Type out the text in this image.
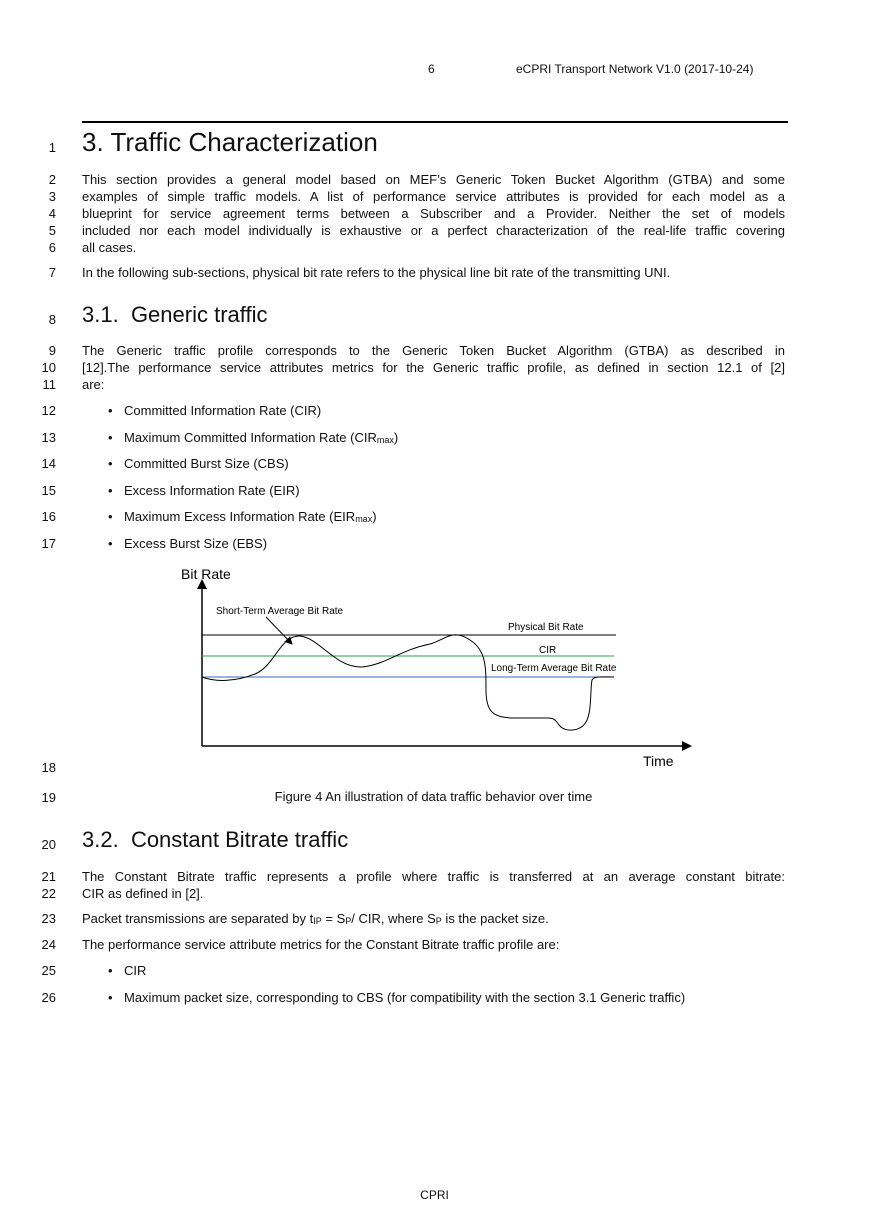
6	eCPRI Transport Network V1.0 (2017-10-24)
1
2
3
4
5
6
7
8
9
10
11
12
13
14
15
16
17
18
19
20
21
22
23
24
25
26
3. Traffic Characterization
This section provides a general model based on MEF’s Generic Token Bucket Algorithm (GTBA) and some
examples of simple traffic models. A list of performance service attributes is provided for each model as a
blueprint for service agreement terms between a Subscriber and a Provider. Neither the set of models
included nor each model individually is exhaustive or a perfect characterization of the real-life traffic covering
all cases.
In the following sub-sections, physical bit rate refers to the physical line bit rate of the transmitting UNI.
3.1. Generic traffic
The Generic traffic profile corresponds to the Generic Token Bucket Algorithm (GTBA) as described in
[12].The performance service attributes metrics for the Generic traffic profile, as defined in section 12.1 of [2]
are:
• Committed Information Rate (CIR)
• Maximum Committed Information Rate $(CIR_{max})$
• Committed Burst Size (CBS)
• Excess Information Rate (EIR)
• Maximum Excess Information Rate $(EIR_{max})$
• Excess Burst Size (EBS)
Bit Rate
Time
Short-Term Average Bit Rate
Physical Bit Rate
CIR
Long-Term Average Bit Rate
Figure 4 An illustration of data traffic behavior over time
3.2. Constant Bitrate traffic
The Constant Bitrate traffic represents a profile where traffic is transferred at an average constant bitrate:
CIR as defined in [2].
Packet transmissions are separated by $t_{IP} = S_P/$ CIR, where $S_P$ is the packet size.
The performance service attribute metrics for the Constant Bitrate traffic profile are:
• CIR
• Maximum packet size, corresponding to CBS (for compatibility with the section 3.1 Generic traffic)
CPRI
